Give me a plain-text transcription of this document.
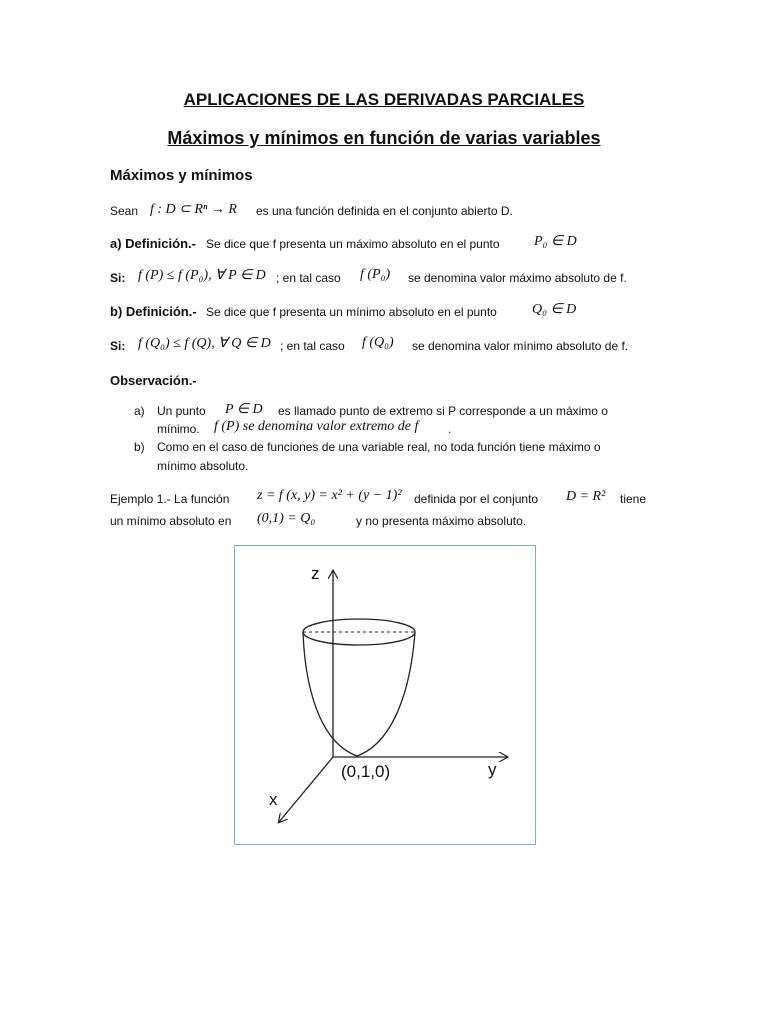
APLICACIONES DE LAS DERIVADAS PARCIALES
Máximos y mínimos en función de varias variables
Máximos y mínimos
Sean f : D ⊂ Rⁿ → R es una función definida en el conjunto abierto D.
a) Definición.- Se dice que f presenta un máximo absoluto en el punto P₀ ∈ D
Si: f (P) ≤ f (P₀), ∀ P ∈ D ; en tal caso f (P₀) se denomina valor máximo absoluto de f.
b) Definición.- Se dice que f presenta un mínimo absoluto en el punto	Q₀ ∈ D
Si: f (Q₀) ≤ f (Q), ∀ Q ∈ D ; en tal caso f (Q₀) se denomina valor mínimo absoluto de f.
Observación.-
a) Un punto P ∈ D es llamado punto de extremo si P corresponde a un máximo o
mínimo. f (P) se denomina valor extremo de f .
b) Como en el caso de funciones de una variable real, no toda función tiene máximo o
mínimo absoluto.
Ejemplo 1.- La función z = f (x, y) = x² + (y − 1)² definida por el conjunto D = R² tiene
un mínimo absoluto en (0,1) = Q₀	y no presenta máximo absoluto.
z
y
x
(0,1,0)
